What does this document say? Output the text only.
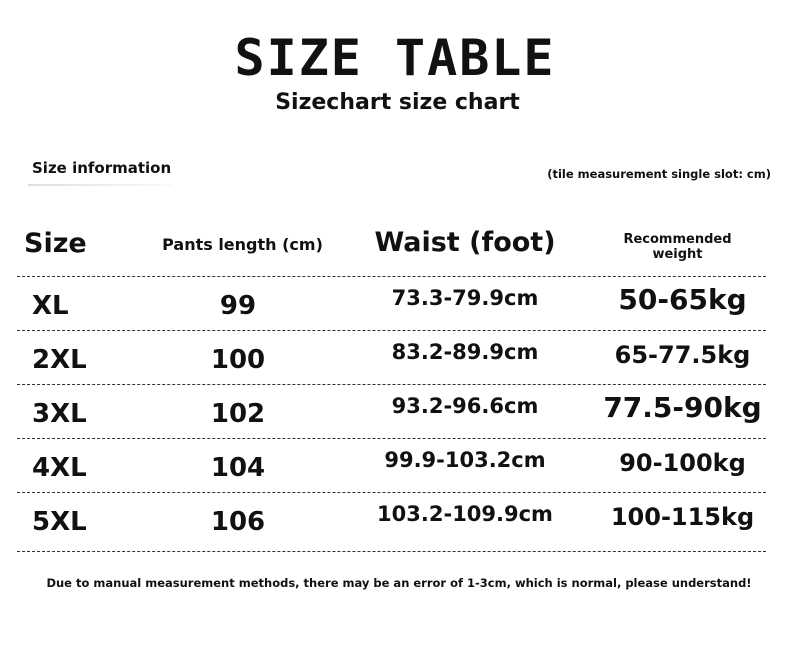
SIZE TABLE
Sizechart size chart
Size information	(tile measurement single slot: cm)
Size	Pants length (cm)	Waist (foot)	Recommended weight
XL	99	73.3-79.9cm	50-65kg
2XL	100	83.2-89.9cm	65-77.5kg
3XL	102	93.2-96.6cm	77.5-90kg
4XL	104	99.9-103.2cm	90-100kg
5XL	106	103.2-109.9cm	100-115kg
Due to manual measurement methods, there may be an error of 1-3cm, which is normal, please understand!
